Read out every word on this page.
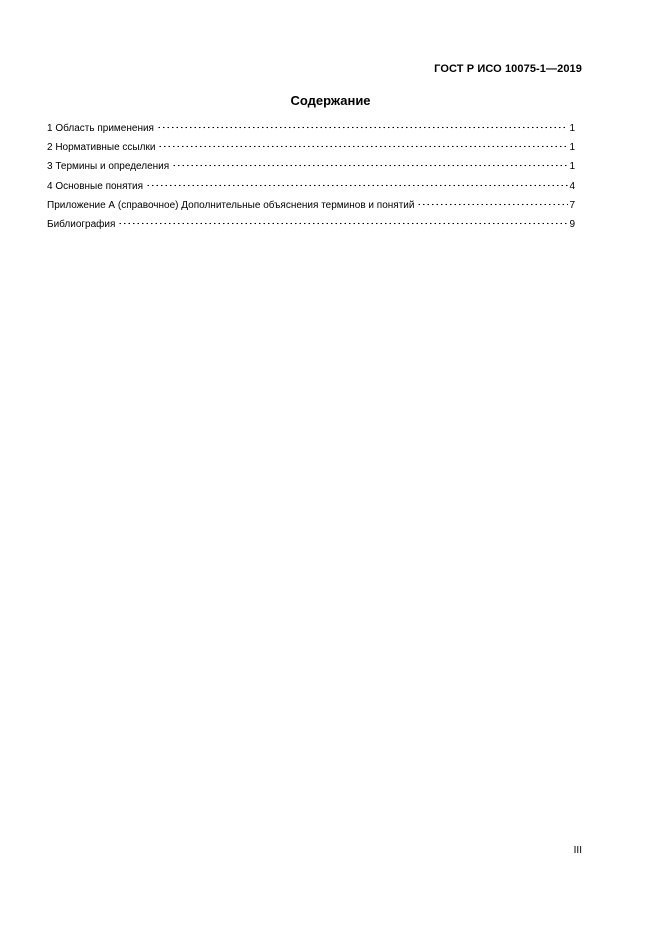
ГОСТ Р ИСО 10075-1—2019
Содержание
1 Область применения	1
2 Нормативные ссылки	1
3 Термины и определения	1
4 Основные понятия	4
Приложение А (справочное) Дополнительные объяснения терминов и понятий	7
Библиография	9
III
